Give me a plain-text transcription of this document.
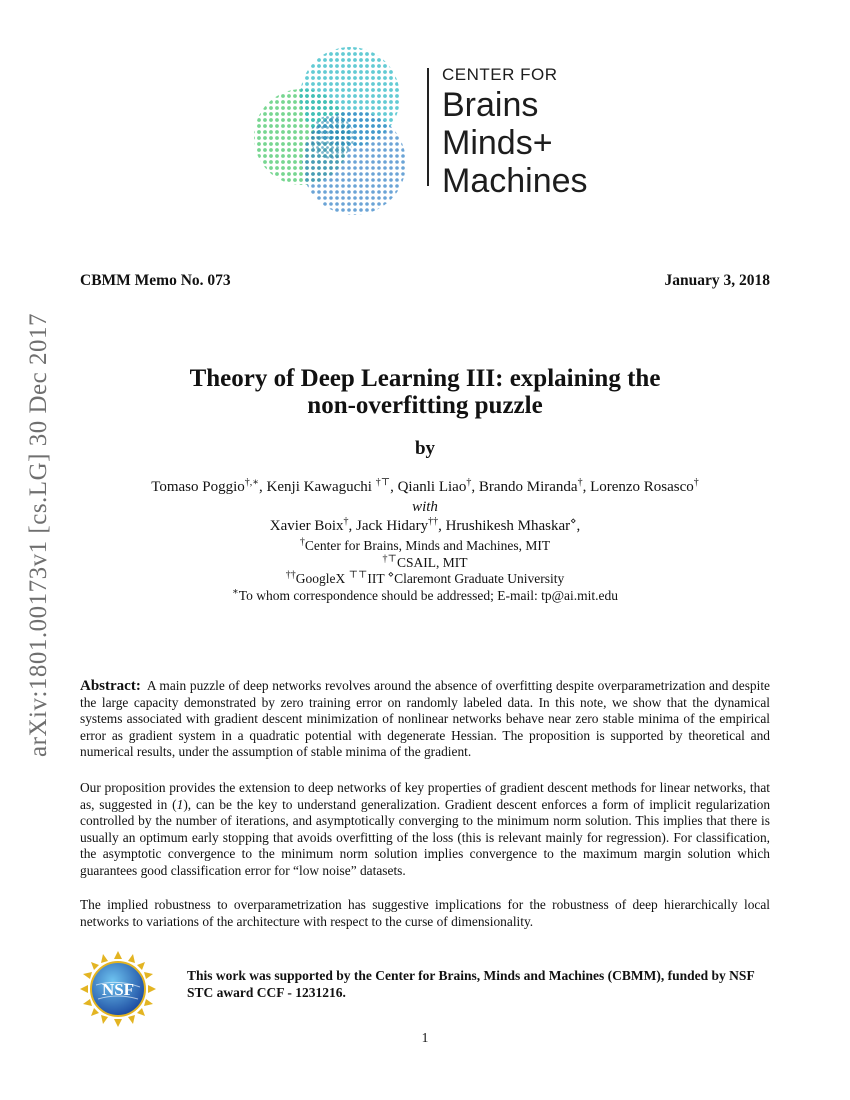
CENTER FOR
Brains
Minds+
Machines
arXiv:1801.00173v1 [cs.LG] 30 Dec 2017
CBMM Memo No. 073	January 3, 2018
Theory of Deep Learning III: explaining the
non-overfitting puzzle
by
Tomaso Poggio†,∗, Kenji Kawaguchi †⊤, Qianli Liao†, Brando Miranda†, Lorenzo Rosasco†
with
Xavier Boix†, Jack Hidary††, Hrushikesh Mhaskar⋄,
†Center for Brains, Minds and Machines, MIT
†⊤CSAIL, MIT
††GoogleX ⊤⊤IIT ⋄Claremont Graduate University
∗To whom correspondence should be addressed; E-mail: tp@ai.mit.edu
Abstract: A main puzzle of deep networks revolves around the absence of overfitting despite overparametrization and despite the large capacity demonstrated by zero training error on randomly labeled data. In this note, we show that the dynamical systems associated with gradient descent minimization of nonlinear networks behave near zero stable minima of the empirical error as gradient system in a quadratic potential with degenerate Hessian. The proposition is supported by theoretical and numerical results, under the assumption of stable minima of the gradient.
Our proposition provides the extension to deep networks of key properties of gradient descent methods for linear networks, that as, suggested in (1), can be the key to understand generalization. Gradient descent enforces a form of implicit regularization controlled by the number of iterations, and asymptotically converging to the minimum norm solution. This implies that there is usually an optimum early stopping that avoids overfitting of the loss (this is relevant mainly for regression). For classification, the asymptotic convergence to the minimum norm solution implies convergence to the maximum margin solution which guarantees good classification error for “low noise” datasets.
The implied robustness to overparametrization has suggestive implications for the robustness of deep hierarchically local networks to variations of the architecture with respect to the curse of dimensionality.
NSF
This work was supported by the Center for Brains, Minds and Machines (CBMM), funded by NSF
STC award CCF - 1231216.
1
